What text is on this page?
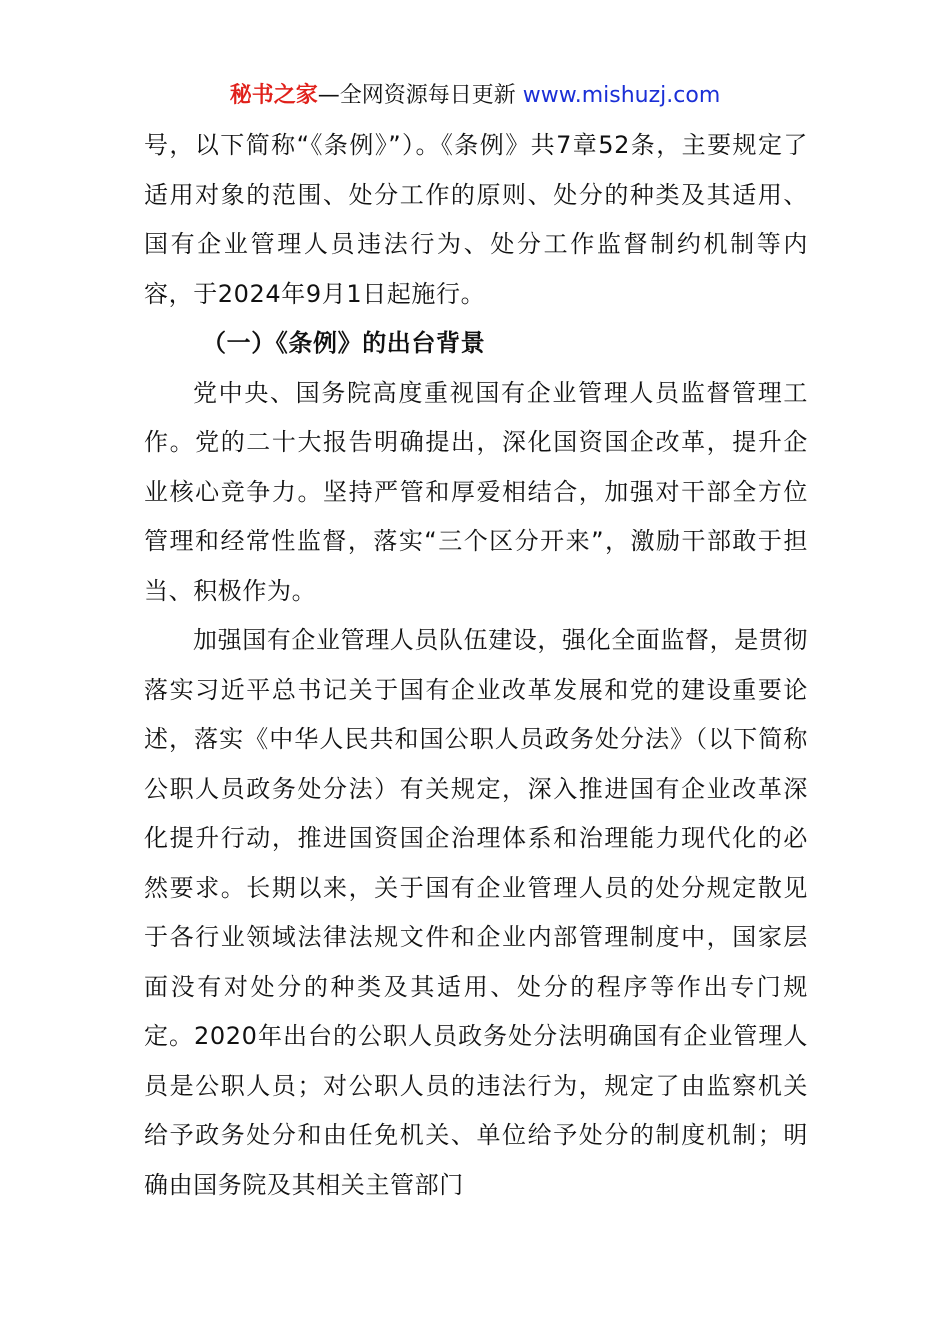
秘书之家—全网资源每日更新 www.mishuzj.com

号，以下简称“《条例》”）。《条例》共7章52条，主要规定了适用对象的范围、处分工作的原则、处分的种类及其适用、国有企业管理人员违法行为、处分工作监督制约机制等内容，于2024年9月1日起施行。

（一）《条例》的出台背景

党中央、国务院高度重视国有企业管理人员监督管理工作。党的二十大报告明确提出，深化国资国企改革，提升企业核心竞争力。坚持严管和厚爱相结合，加强对干部全方位管理和经常性监督，落实“三个区分开来”，激励干部敢于担当、积极作为。

加强国有企业管理人员队伍建设，强化全面监督，是贯彻落实习近平总书记关于国有企业改革发展和党的建设重要论述，落实《中华人民共和国公职人员政务处分法》（以下简称公职人员政务处分法）有关规定，深入推进国有企业改革深化提升行动，推进国资国企治理体系和治理能力现代化的必然要求。长期以来，关于国有企业管理人员的处分规定散见于各行业领域法律法规文件和企业内部管理制度中，国家层面没有对处分的种类及其适用、处分的程序等作出专门规定。2020年出台的公职人员政务处分法明确国有企业管理人员是公职人员；对公职人员的违法行为，规定了由监察机关给予政务处分和由任免机关、单位给予处分的制度机制；明确由国务院及其相关主管部门
